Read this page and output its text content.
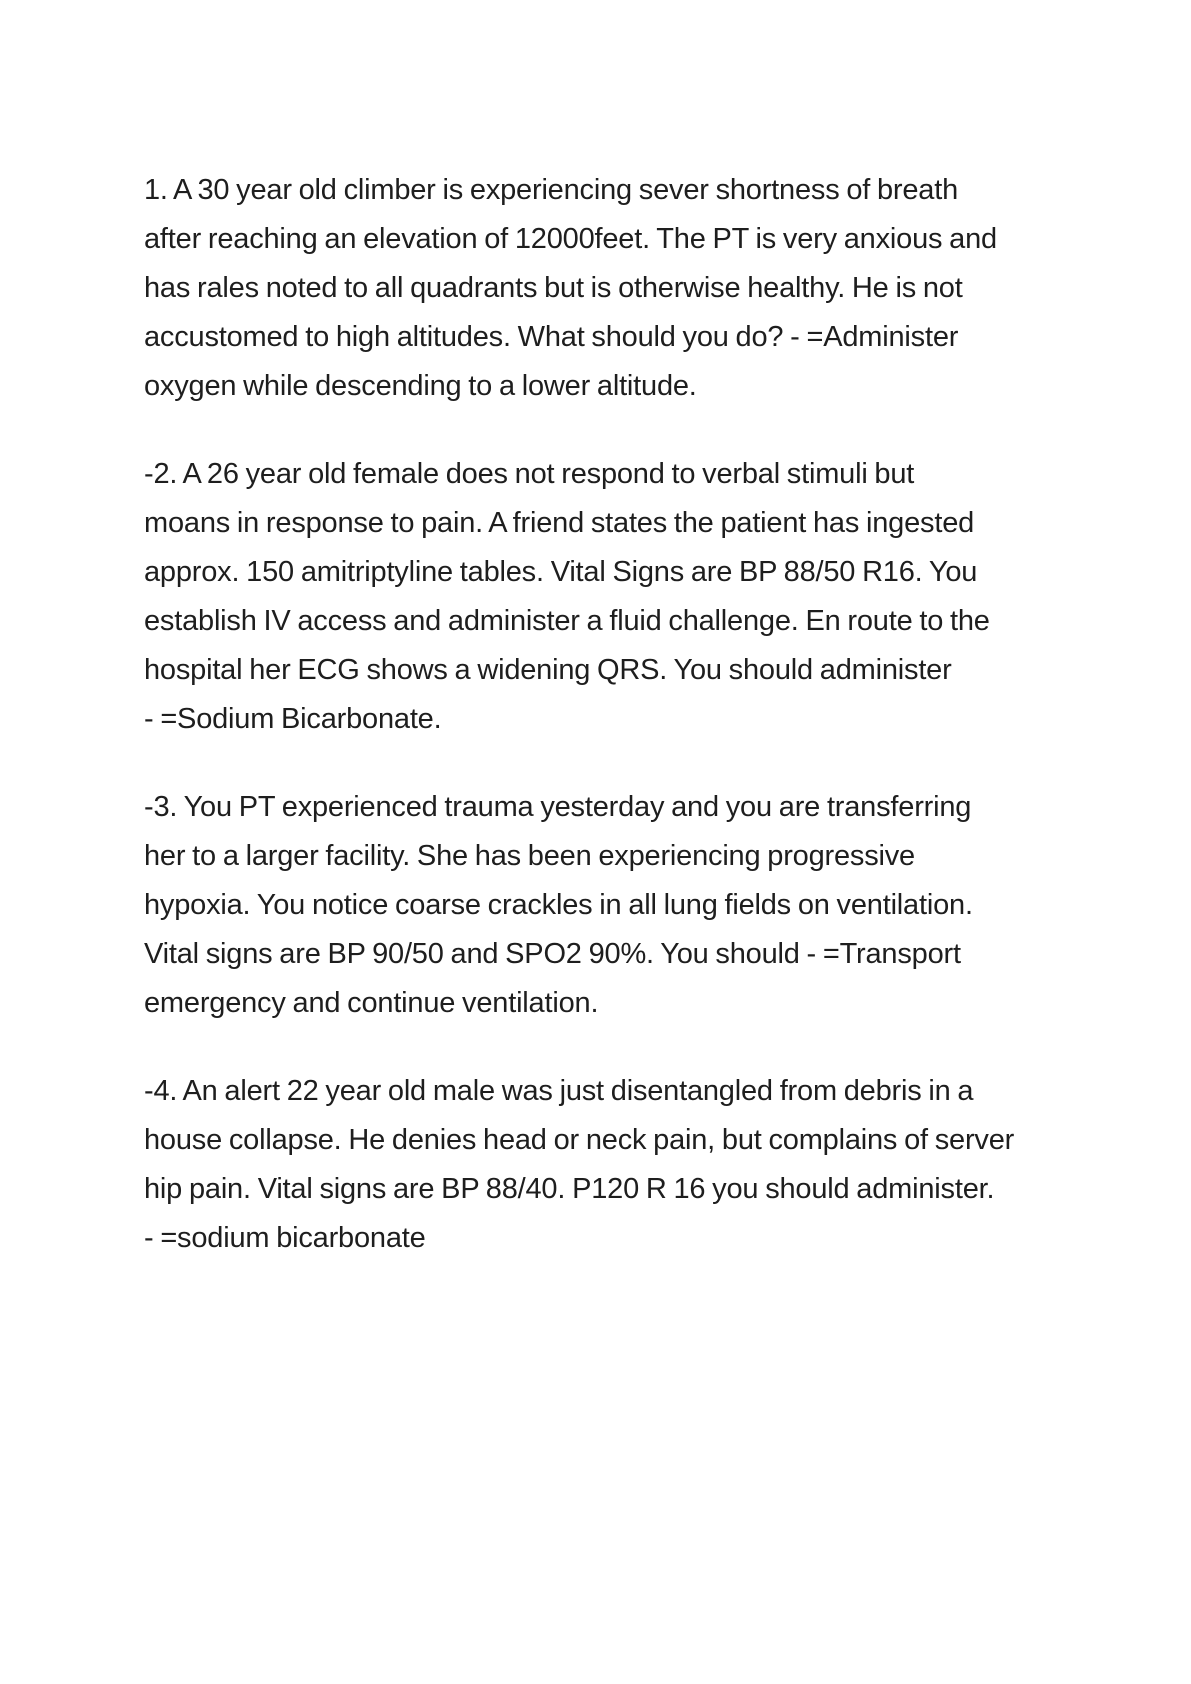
1. A 30 year old climber is experiencing sever shortness of breath
after reaching an elevation of 12000feet. The PT is very anxious and
has rales noted to all quadrants but is otherwise healthy. He is not
accustomed to high altitudes. What should you do? - =Administer
oxygen while descending to a lower altitude.

-2. A 26 year old female does not respond to verbal stimuli but
moans in response to pain. A friend states the patient has ingested
approx. 150 amitriptyline tables. Vital Signs are BP 88/50 R16. You
establish IV access and administer a fluid challenge. En route to the
hospital her ECG shows a widening QRS. You should administer
- =Sodium Bicarbonate.

-3. You PT experienced trauma yesterday and you are transferring
her to a larger facility. She has been experiencing progressive
hypoxia. You notice coarse crackles in all lung fields on ventilation.
Vital signs are BP 90/50 and SPO2 90%. You should - =Transport
emergency and continue ventilation.

-4. An alert 22 year old male was just disentangled from debris in a
house collapse. He denies head or neck pain, but complains of server
hip pain. Vital signs are BP 88/40. P120 R 16 you should administer.
- =sodium bicarbonate
